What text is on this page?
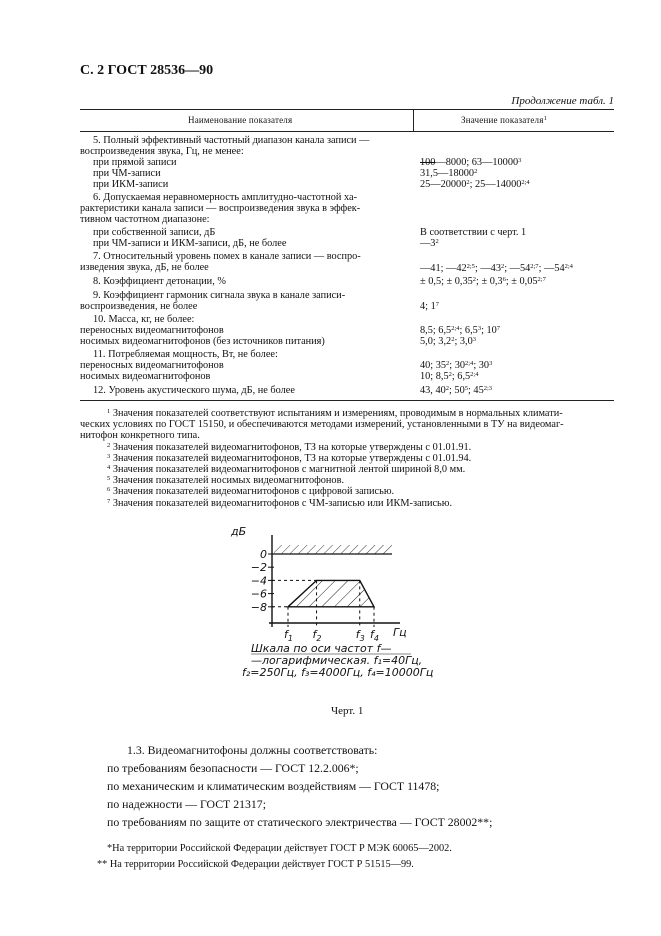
С. 2 ГОСТ 28536—90
Продолжение табл. 1
Наименование показателя	Значение показателя$^1$
5. Полный эффективный частотный диапазон канала записи —
воспроизведения звука, Гц, не менее:
при прямой записи	100—8000; 63—10000$^3$
при ЧМ-записи	31,5—18000$^2$
при ИКМ-записи	25—20000$^2$; 25—14000$^{2;4}$
6. Допускаемая неравномерность амплитудно-частотной ха-
рактеристики канала записи — воспроизведения звука в эффек-
тивном частотном диапазоне:
при собственной записи, дБ	В соответствии с черт. 1
при ЧМ-записи и ИКМ-записи, дБ, не более	$—3^2$
7. Относительный уровень помех в канале записи — воспро-
изведения звука, дБ, не более	—41; —42$^{2;5}$; $—43^2$; —54$^{2;7}$; —54$^{2;4}$
8. Коэффициент детонации, %	± 0,5; ± $0,35^2$; ± $0,3^6$; ± $0,05^{2;7}$
9. Коэффициент гармоник сигнала звука в канале записи-
воспроизведения, не более	4; $1^7$
10. Масса, кг, не более:
переносных видеомагнитофонов	8,5; 6,5$^{2;4}$; $6,5^3$; $10^7$
носимых видеомагнитофонов (без источников питания)	5,0; $3,2^2$; $3,0^3$
11. Потребляемая мощность, Вт, не более:
переносных видеомагнитофонов	40; $35^2$; 30$^{2;4}$; $30^3$
носимых видеомагнитофонов	10; $8,5^2$; 6,5$^{2;4}$
12. Уровень акустического шума, дБ, не более	43, $40^2$; $50^5$; 45$^{2;3}$
$^1$ Значения показателей соответствуют испытаниям и измерениям, проводимым в нормальных климати-
ческих условиях по ГОСТ 15150, и обеспечиваются методами измерений, установленными в ТУ на видеомаг-
нитофон конкретного типа.
$^2$ Значения показателей видеомагнитофонов, ТЗ на которые утверждены с 01.01.91.
$^3$ Значения показателей видеомагнитофонов, ТЗ на которые утверждены с 01.01.94.
$^4$ Значения показателей видеомагнитофонов с магнитной лентой шириной 8,0 мм.
$^5$ Значения показателей носимых видеомагнитофонов.
$^6$ Значения показателей видеомагнитофонов с цифровой записью.
$^7$ Значения показателей видеомагнитофонов с ЧМ-записью или ИКМ-записью.
дБ
0
−2
−4
−6
−8
$f_1$ $f_2$	$f_3$ $f_4$ Гц
Шкала по оси частот f—
—логарифмическая. f₁=40Гц,
f₂=250Гц, f₃=4000Гц, f₄=10000Гц
Черт. 1
1.3. Видеомагнитофоны должны соответствовать:
по требованиям безопасности — ГОСТ 12.2.006*;
по механическим и климатическим воздействиям — ГОСТ 11478;
по надежности — ГОСТ 21317;
по требованиям по защите от статического электричества — ГОСТ 28002**;
*На территории Российской Федерации действует ГОСТ Р МЭК 60065—2002.
** На территории Российской Федерации действует ГОСТ Р 51515—99.
